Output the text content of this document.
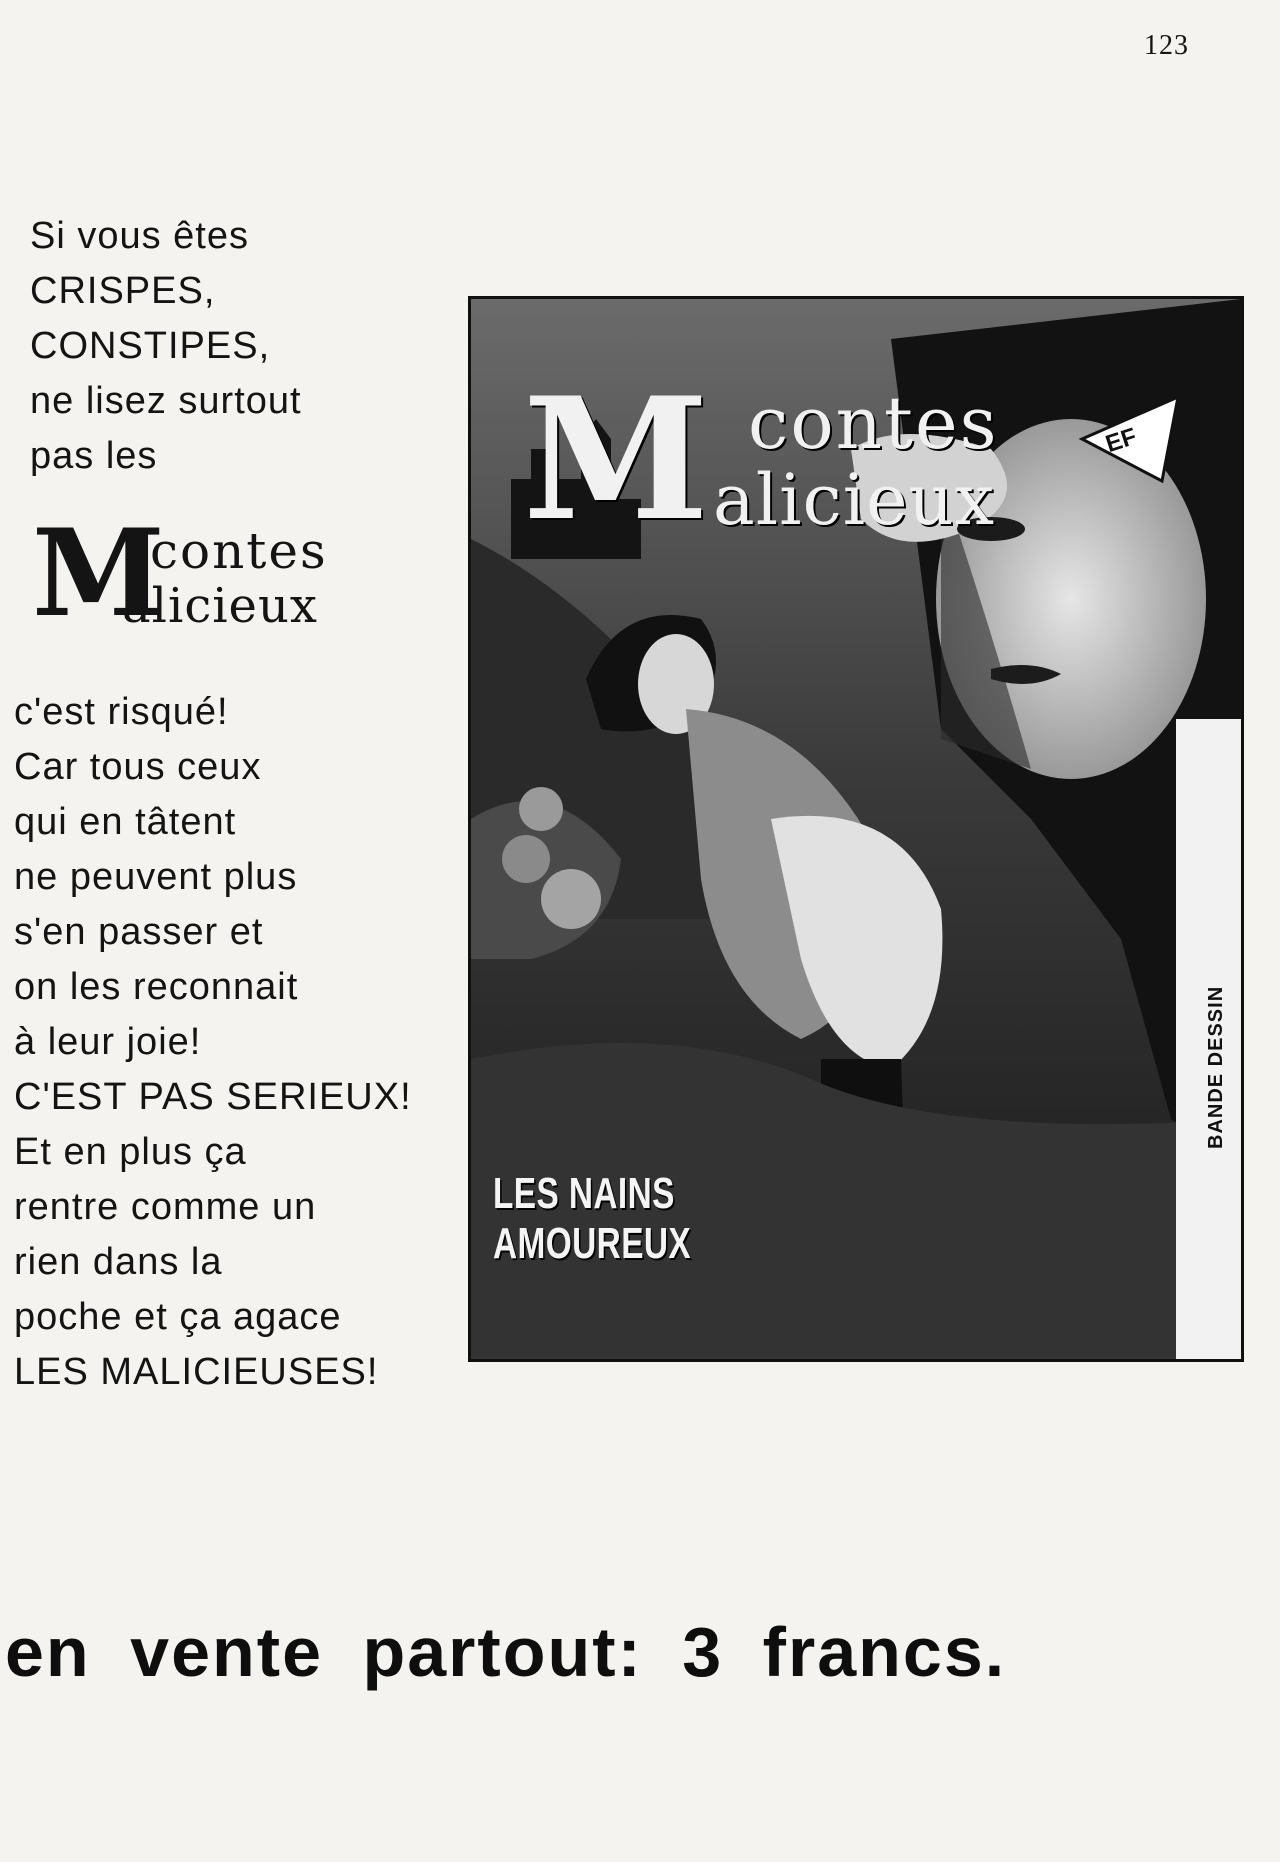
123
Si vous êtes
CRISPES,
CONSTIPES,
ne lisez surtout
pas les
M
contes
alicieux
c'est risqué!
Car tous ceux
qui en tâtent
ne peuvent plus
s'en passer et
on les reconnait
à leur joie!
C'EST PAS SERIEUX!
Et en plus ça
rentre comme un
rien dans la
poche et ça agace
LES MALICIEUSES!
M contes
alicieux
EF
LES NAINS
AMOUREUX
BANDE DESSIN
en vente partout: 3 francs.
